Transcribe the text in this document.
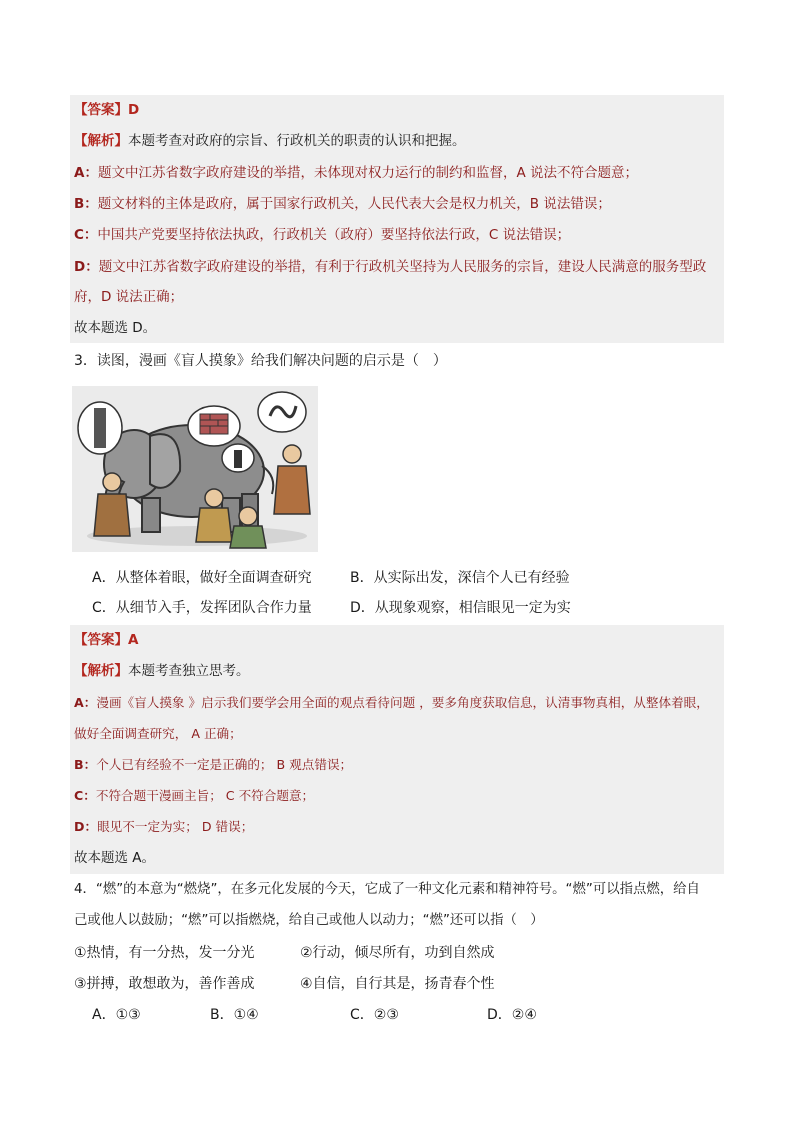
【答案】D
【解析】本题考查对政府的宗旨、行政机关的职责的认识和把握。
A：题文中江苏省数字政府建设的举措，未体现对权力运行的制约和监督，A 说法不符合题意；
B：题文材料的主体是政府，属于国家行政机关，人民代表大会是权力机关，B 说法错误；
C：中国共产党要坚持依法执政，行政机关（政府）要坚持依法行政，C 说法错误；
D：题文中江苏省数字政府建设的举措，有利于行政机关坚持为人民服务的宗旨，建设人民满意的服务型政
府，D 说法正确；
故本题选 D。
3．读图，漫画《盲人摸象》给我们解决问题的启示是（　）
A．从整体着眼，做好全面调查研究	B．从实际出发，深信个人已有经验
C．从细节入手，发挥团队合作力量	D．从现象观察，相信眼见一定为实
【答案】A
【解析】本题考查独立思考。
A：漫画《盲人摸象 》启示我们要学会用全面的观点看待问题 ，要多角度获取信息，认清事物真相，从整体着眼，
做好全面调查研究， A 正确；
B：个人已有经验不一定是正确的； B 观点错误；
C：不符合题干漫画主旨； C 不符合题意；
D：眼见不一定为实； D 错误；
故本题选 A。
4．“燃”的本意为“燃烧”，在多元化发展的今天，它成了一种文化元素和精神符号。“燃”可以指点燃，给自
己或他人以鼓励；“燃”可以指燃烧，给自己或他人以动力；“燃”还可以指（　）
①热情，有一分热，发一分光	②行动，倾尽所有，功到自然成
③拼搏，敢想敢为，善作善成	④自信，自行其是，扬青春个性
A．①③	B．①④	C．②③	D．②④
